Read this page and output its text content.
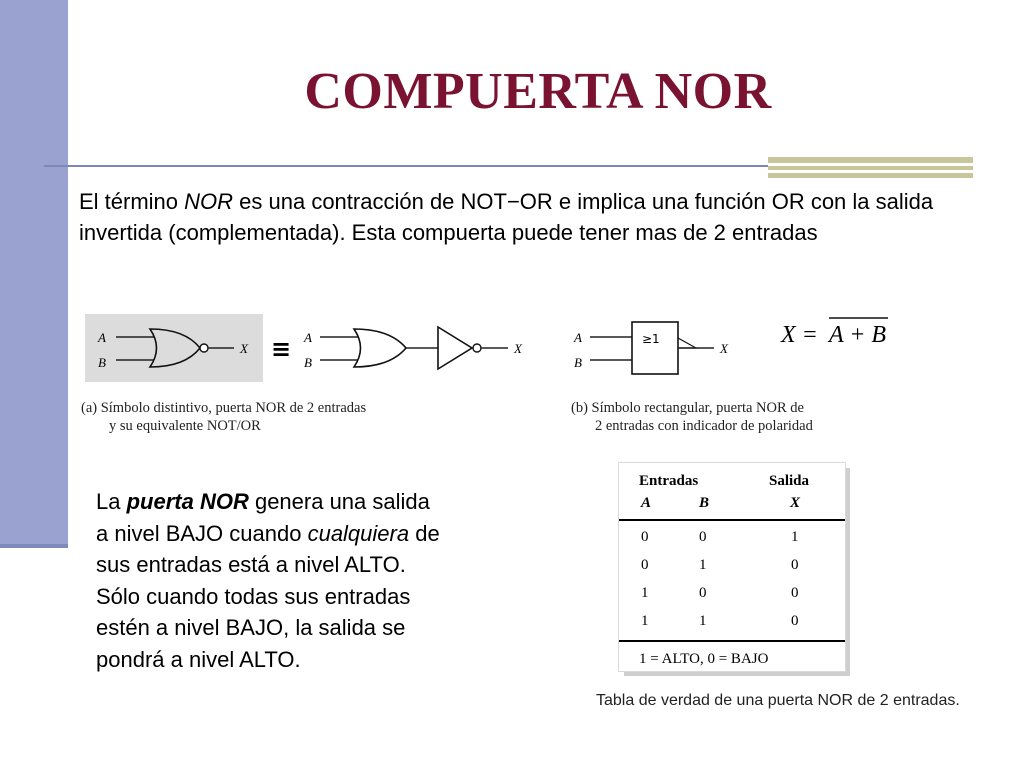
COMPUERTA NOR
El término NOR es una contracción de NOT−OR e implica una función OR con la salida invertida (complementada). Esta compuerta puede tener mas de 2 entradas
A
B
X ≡ A
B
X
≥1
A
B
X
X = A + B
(a) Símbolo distintivo, puerta NOR de 2 entradas
y su equivalente NOT/OR
(b) Símbolo rectangular, puerta NOR de
2 entradas con indicador de polaridad
La puerta NOR genera una salida a nivel BAJO cuando cualquiera de sus entradas está a nivel ALTO. Sólo cuando todas sus entradas estén a nivel BAJO, la salida se pondrá a nivel ALTO.
Entradas	Salida
A	B	X
0	0	1
0	1	0
1	0	0
1	1	0
1 = ALTO, 0 = BAJO
Tabla de verdad de una puerta NOR de 2 entradas.
